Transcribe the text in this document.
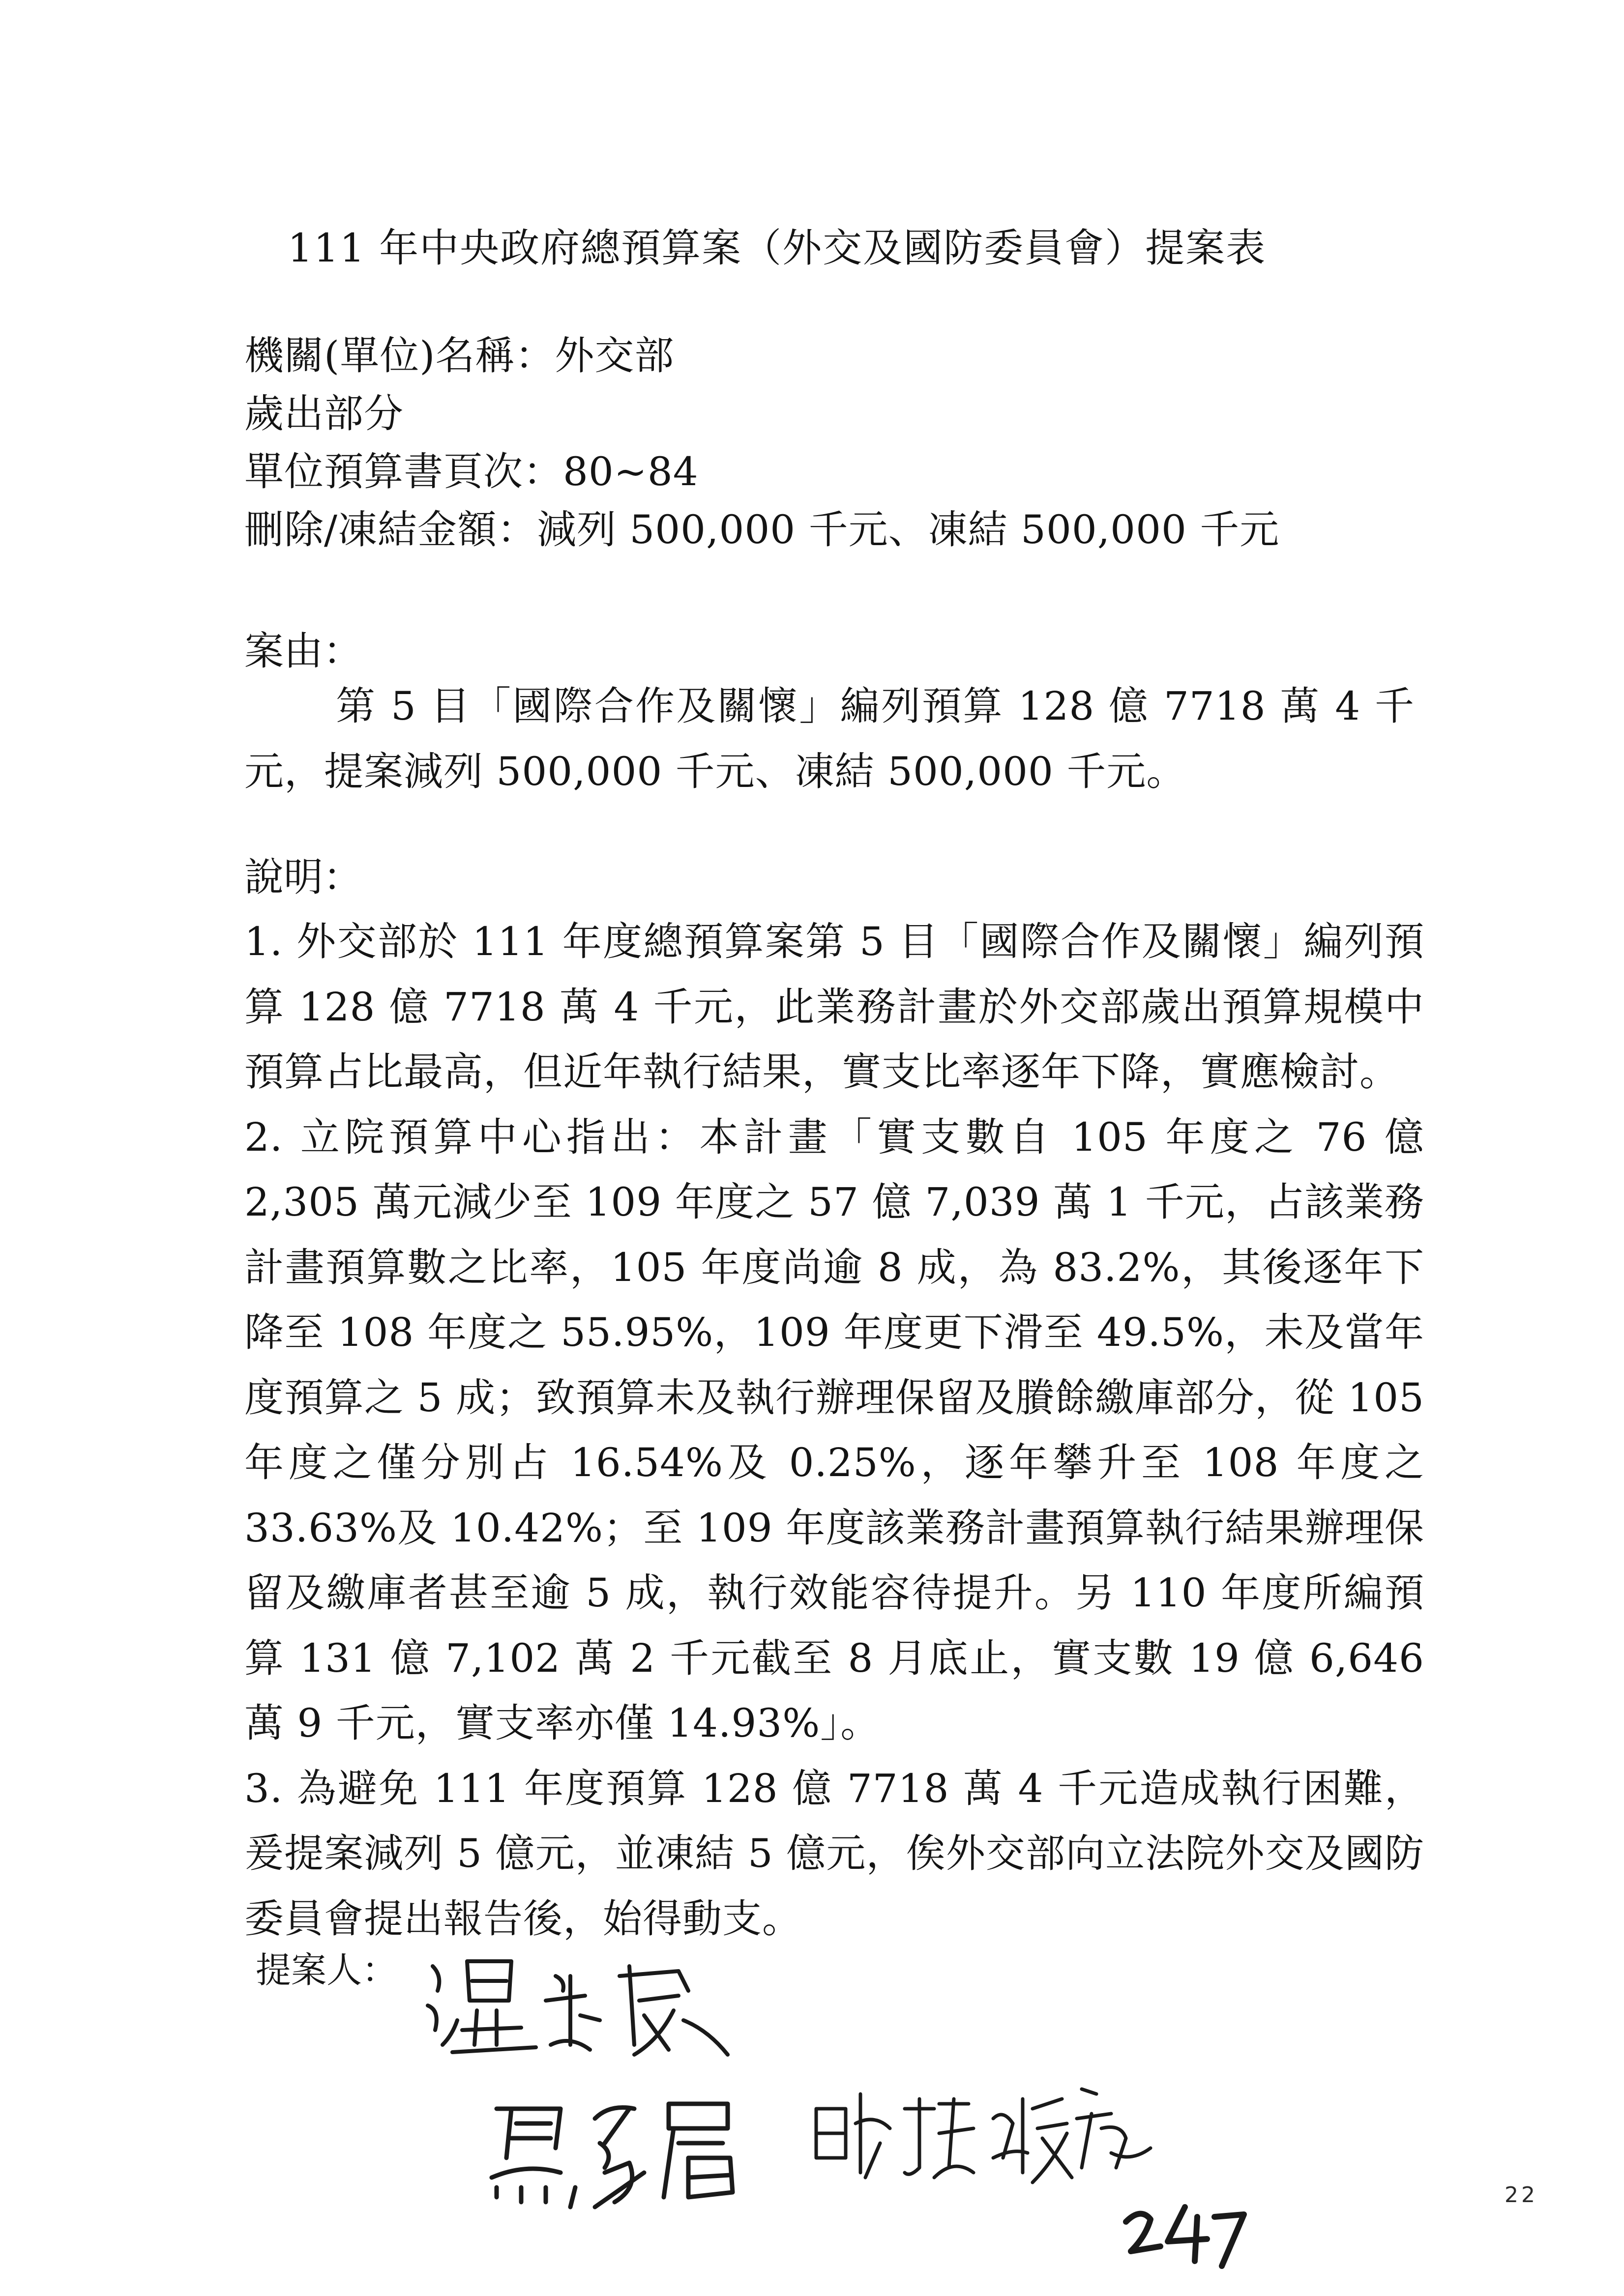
111 年中央政府總預算案（外交及國防委員會）提案表
機關(單位)名稱：外交部
歲出部分
單位預算書頁次：80~84
刪除/凍結金額：減列 500,000 千元、凍結 500,000 千元
案由：
第 5 目「國際合作及關懷」編列預算 128 億 7718 萬 4 千元，提案減列 500,000 千元、凍結 500,000 千元。
說明：

1. 外交部於 111 年度總預算案第 5 目「國際合作及關懷」編列預算 128 億 7718 萬 4 千元，此業務計畫於外交部歲出預算規模中預算占比最高，但近年執行結果，實支比率逐年下降，實應檢討。

2. 立院預算中心指出：本計畫「實支數自 105 年度之 76 億 2,305 萬元減少至 109 年度之 57 億 7,039 萬 1 千元，占該業務計畫預算數之比率，105 年度尚逾 8 成，為 83.2%，其後逐年下降至 108 年度之 55.95%，109 年度更下滑至 49.5%，未及當年度預算之 5 成；致預算未及執行辦理保留及賸餘繳庫部分，從 105 年度之僅分別占 16.54%及 0.25%，逐年攀升至 108 年度之 33.63%及 10.42%；至 109 年度該業務計畫預算執行結果辦理保留及繳庫者甚至逾 5 成，執行效能容待提升。另 110 年度所編預算 131 億 7,102 萬 2 千元截至 8 月底止，實支數 19 億 6,646 萬 9 千元，實支率亦僅 14.93%」。

3. 為避免 111 年度預算 128 億 7718 萬 4 千元造成執行困難，爰提案減列 5 億元，並凍結 5 億元，俟外交部向立法院外交及國防委員會提出報告後，始得動支。

提案人：
22
